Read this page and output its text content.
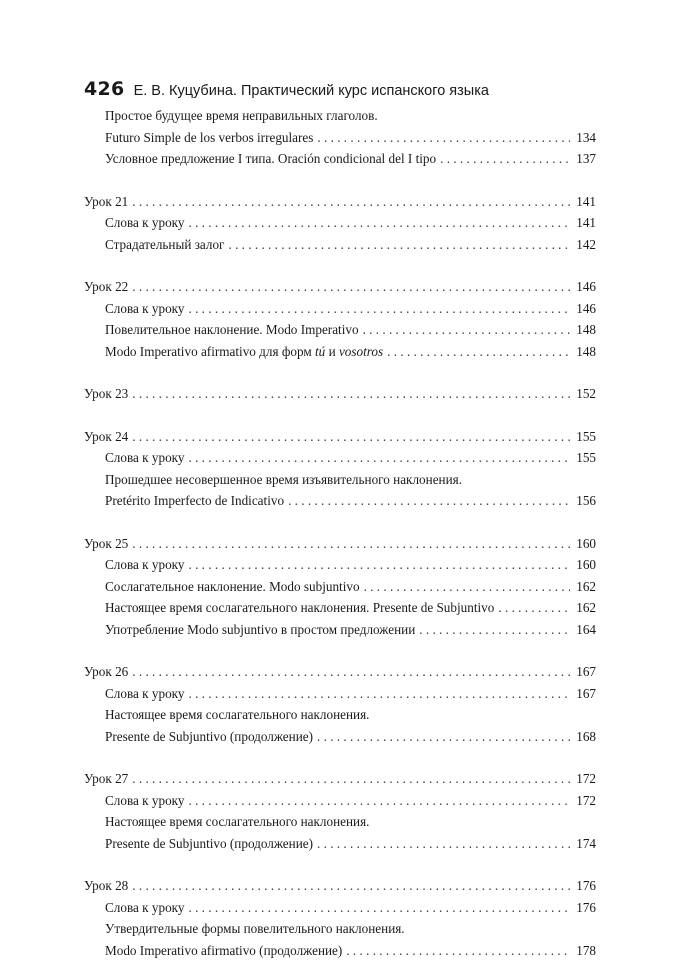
426 Е. В. Куцубина. Практический курс испанского языка
Простое будущее время неправильных глаголов.
Futuro Simple de los verbos irregulares . . .	134
Условное предложение I типа. Oración condicional del I tipo . . .	137
Урок 21 . . .	141
Слова к уроку . . .	141
Страдательный залог . . .	142
Урок 22 . . .	146
Слова к уроку . . .	146
Повелительное наклонение. Modo Imperativo . . .	148
Modo Imperativo afirmativo для форм tú и vosotros . . .	148
Урок 23 . . .	152
Урок 24 . . .	155
Слова к уроку . . .	155
Прошедшее несовершенное время изъявительного наклонения.
Pretérito Imperfecto de Indicativo . . .	156
Урок 25 . . .	160
Слова к уроку . . .	160
Сослагательное наклонение. Modo subjuntivo . . .	162
Настоящее время сослагательного наклонения. Presente de Subjuntivo . . .	162
Употребление Modo subjuntivo в простом предложении . . .	164
Урок 26 . . .	167
Слова к уроку . . .	167
Настоящее время сослагательного наклонения.
Presente de Subjuntivo (продолжение) . . .	168
Урок 27 . . .	172
Слова к уроку . . .	172
Настоящее время сослагательного наклонения.
Presente de Subjuntivo (продолжение) . . .	174
Урок 28 . . .	176
Слова к уроку . . .	176
Утвердительные формы повелительного наклонения.
Modo Imperativo afirmativo (продолжение) . . .	178
